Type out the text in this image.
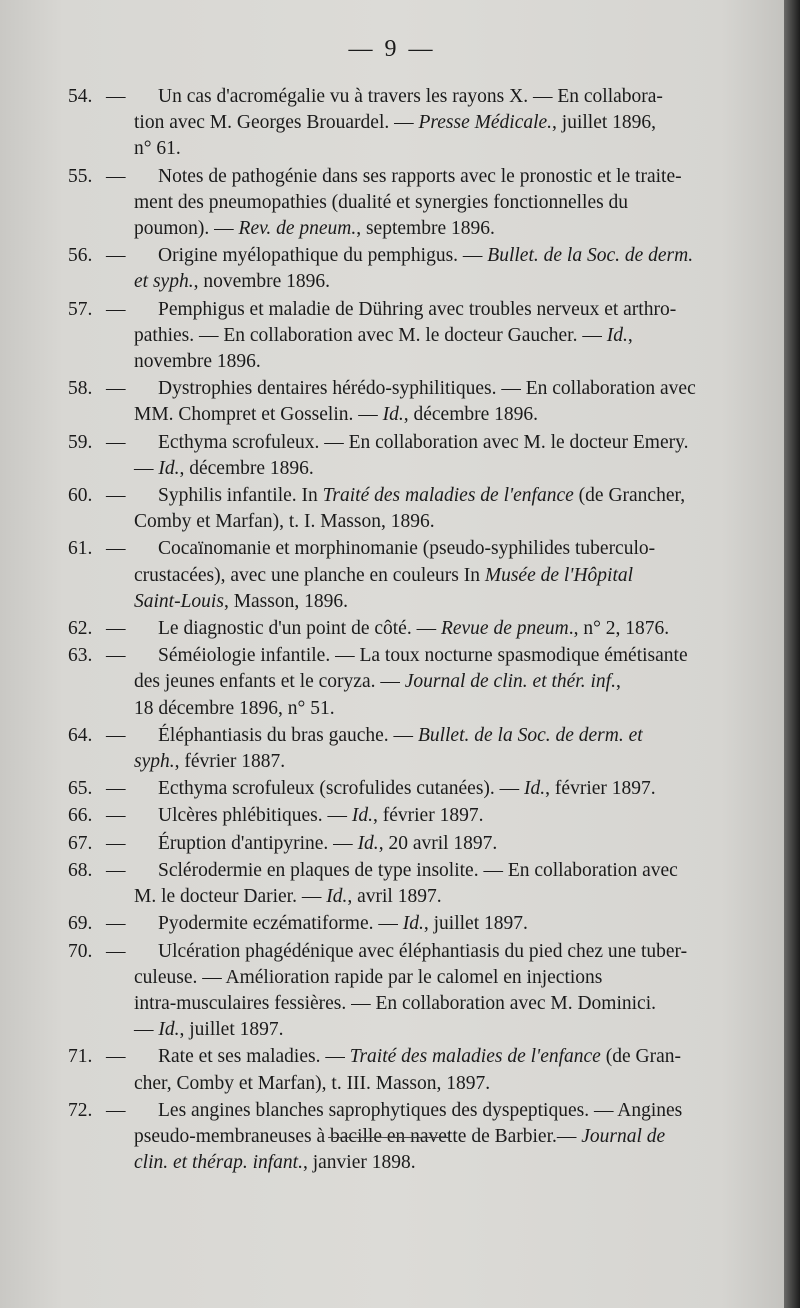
— 9 —
54. — Un cas d'acromégalie vu à travers les rayons X. — En collabora-
tion avec M. Georges Brouardel. — Presse Médicale., juillet 1896,
n° 61.
55. — Notes de pathogénie dans ses rapports avec le pronostic et le traite-
ment des pneumopathies (dualité et synergies fonctionnelles du
poumon). — Rev. de pneum., septembre 1896.
56. — Origine myélopathique du pemphigus. — Bullet. de la Soc. de derm.
et syph., novembre 1896.
57. — Pemphigus et maladie de Dühring avec troubles nerveux et arthro-
pathies. — En collaboration avec M. le docteur Gaucher. — Id.,
novembre 1896.
58. — Dystrophies dentaires hérédo-syphilitiques. — En collaboration avec
MM. Chompret et Gosselin. — Id., décembre 1896.
59. — Ecthyma scrofuleux. — En collaboration avec M. le docteur Emery.
— Id., décembre 1896.
60. — Syphilis infantile. In Traité des maladies de l'enfance (de Grancher,
Comby et Marfan), t. I. Masson, 1896.
61. — Cocaïnomanie et morphinomanie (pseudo-syphilides tuberculo-
crustacées), avec une planche en couleurs In Musée de l'Hôpital
Saint-Louis, Masson, 1896.
62. — Le diagnostic d'un point de côté. — Revue de pneum., n° 2, 1876.
63. — Séméiologie infantile. — La toux nocturne spasmodique émétisante
des jeunes enfants et le coryza. — Journal de clin. et thér. inf.,
18 décembre 1896, n° 51.
64. — Éléphantiasis du bras gauche. — Bullet. de la Soc. de derm. et
syph., février 1887.
65. — Ecthyma scrofuleux (scrofulides cutanées). — Id., février 1897.
66. — Ulcères phlébitiques. — Id., février 1897.
67. — Éruption d'antipyrine. — Id., 20 avril 1897.
68. — Sclérodermie en plaques de type insolite. — En collaboration avec
M. le docteur Darier. — Id., avril 1897.
69. — Pyodermite eczématiforme. — Id., juillet 1897.
70. — Ulcération phagédénique avec éléphantiasis du pied chez une tuber-
culeuse. — Amélioration rapide par le calomel en injections
intra-musculaires fessières. — En collaboration avec M. Dominici.
— Id., juillet 1897.
71. — Rate et ses maladies. — Traité des maladies de l'enfance (de Gran-
cher, Comby et Marfan), t. III. Masson, 1897.
72. — Les angines blanches saprophytiques des dyspeptiques. — Angines
pseudo-membraneuses à bacille en navette de Barbier.— Journal de
clin. et thérap. infant., janvier 1898.
